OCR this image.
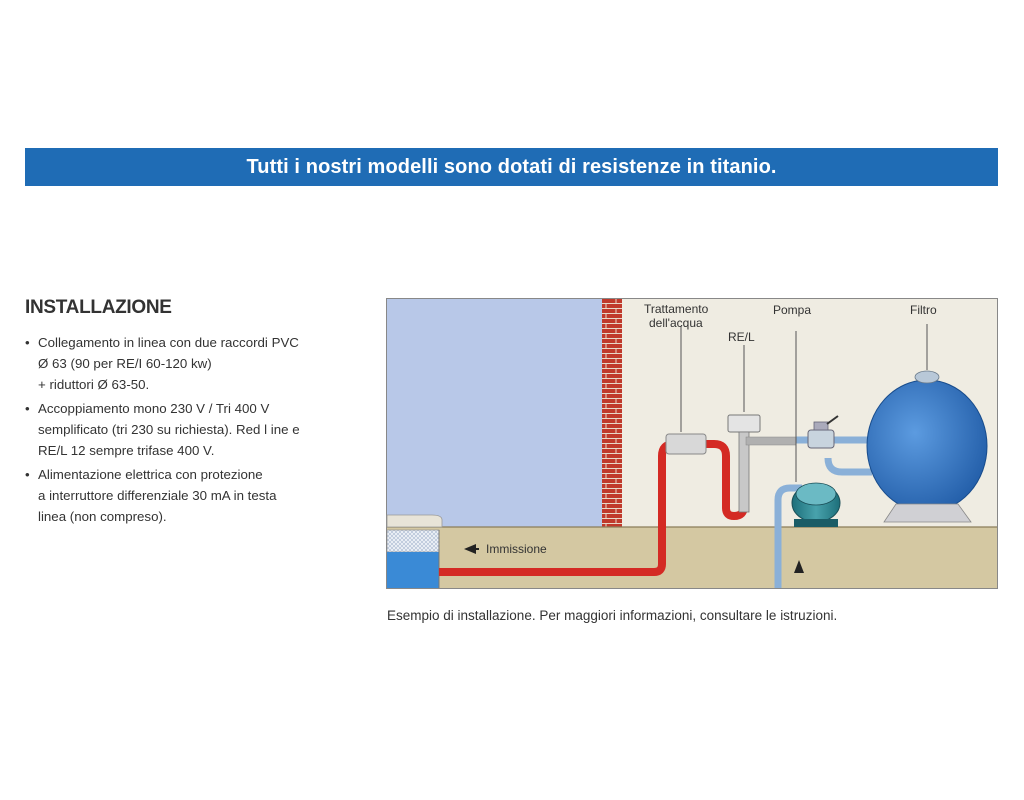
Tutti i nostri modelli sono dotati di resistenze in titanio.
INSTALLAZIONE
• Collegamento in linea con due raccordi PVC
Ø 63 (90 per RE/I 60-120 kw)
+ riduttori Ø 63-50.
• Accoppiamento mono 230 V / Tri 400 V
semplificato (tri 230 su richiesta). Red l ine e
RE/L 12 sempre trifase 400 V.
• Alimentazione elettrica con protezione
a interruttore differenziale 30 mA in testa
linea (non compreso).
Trattamento
dell'acqua
RE/L
Pompa	Filtro
Immissione

Esempio di installazione. Per maggiori informazioni, consultare le istruzioni.
